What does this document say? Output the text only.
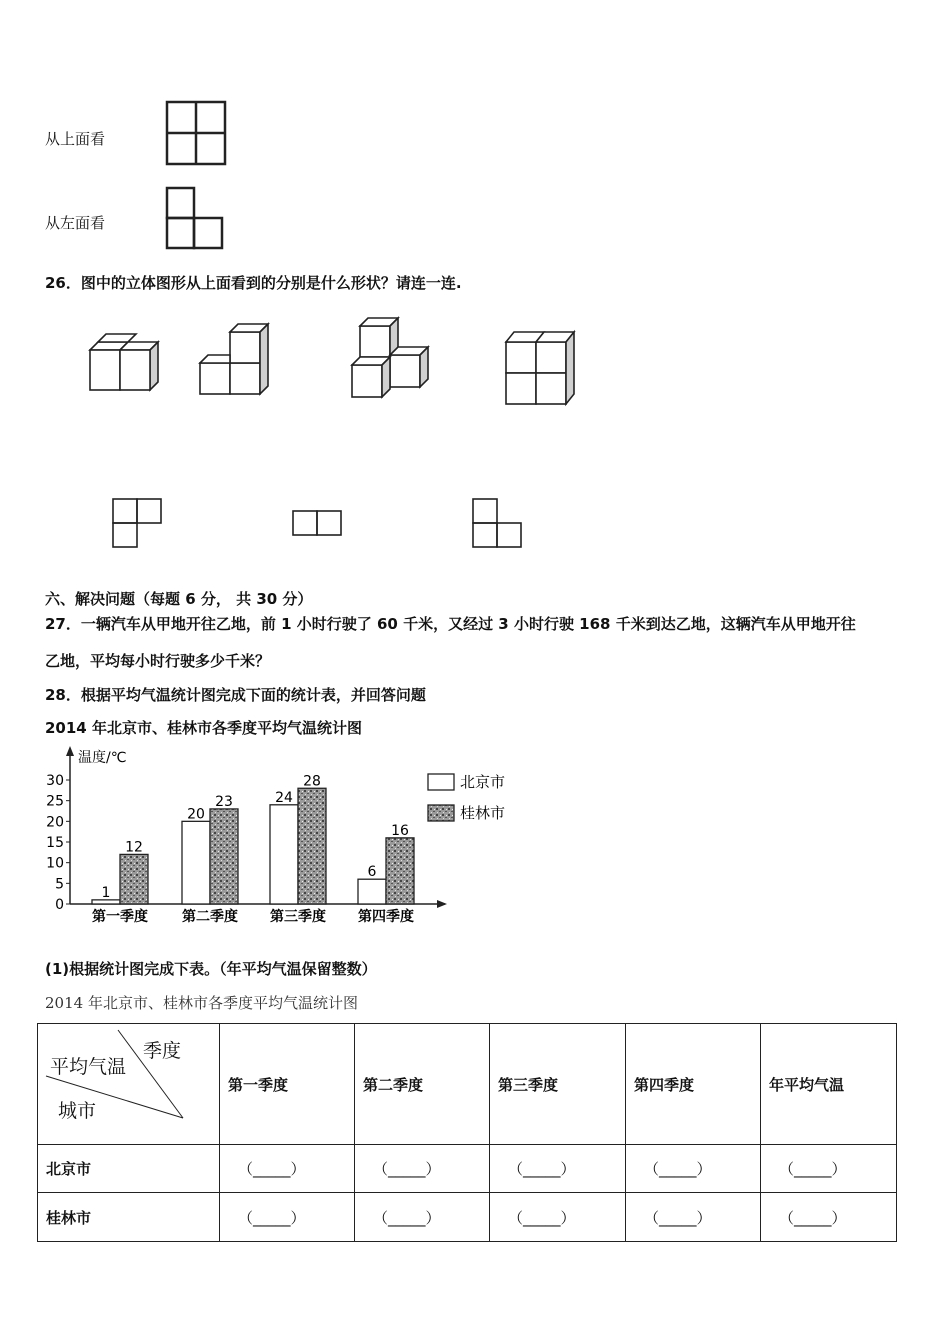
从上面看
从左面看
26．图中的立体图形从上面看到的分别是什么形状？请连一连.
六、解决问题（每题 6 分， 共 30 分）
27．一辆汽车从甲地开往乙地，前 1 小时行驶了 60 千米，又经过 3 小时行驶 168 千米到达乙地，这辆汽车从甲地开往
乙地，平均每小时行驶多少千米？
28．根据平均气温统计图完成下面的统计表，并回答问题
2014 年北京市、桂林市各季度平均气温统计图
温度/℃
0
5
10
15
20
25
30
1
12
第一季度
20
23
第二季度
24
28
第三季度
6
16
第四季度
北京市
桂林市
(1)根据统计图完成下表。（年平均气温保留整数）
2014 年北京市、桂林市各季度平均气温统计图
季度
平均气温
城市	第一季度	第二季度	第三季度	第四季度	年平均气温
北京市	（_____）	（_____）	（_____）	（_____）	（_____）
桂林市	（_____）	（_____）	（_____）	（_____）	（_____）
